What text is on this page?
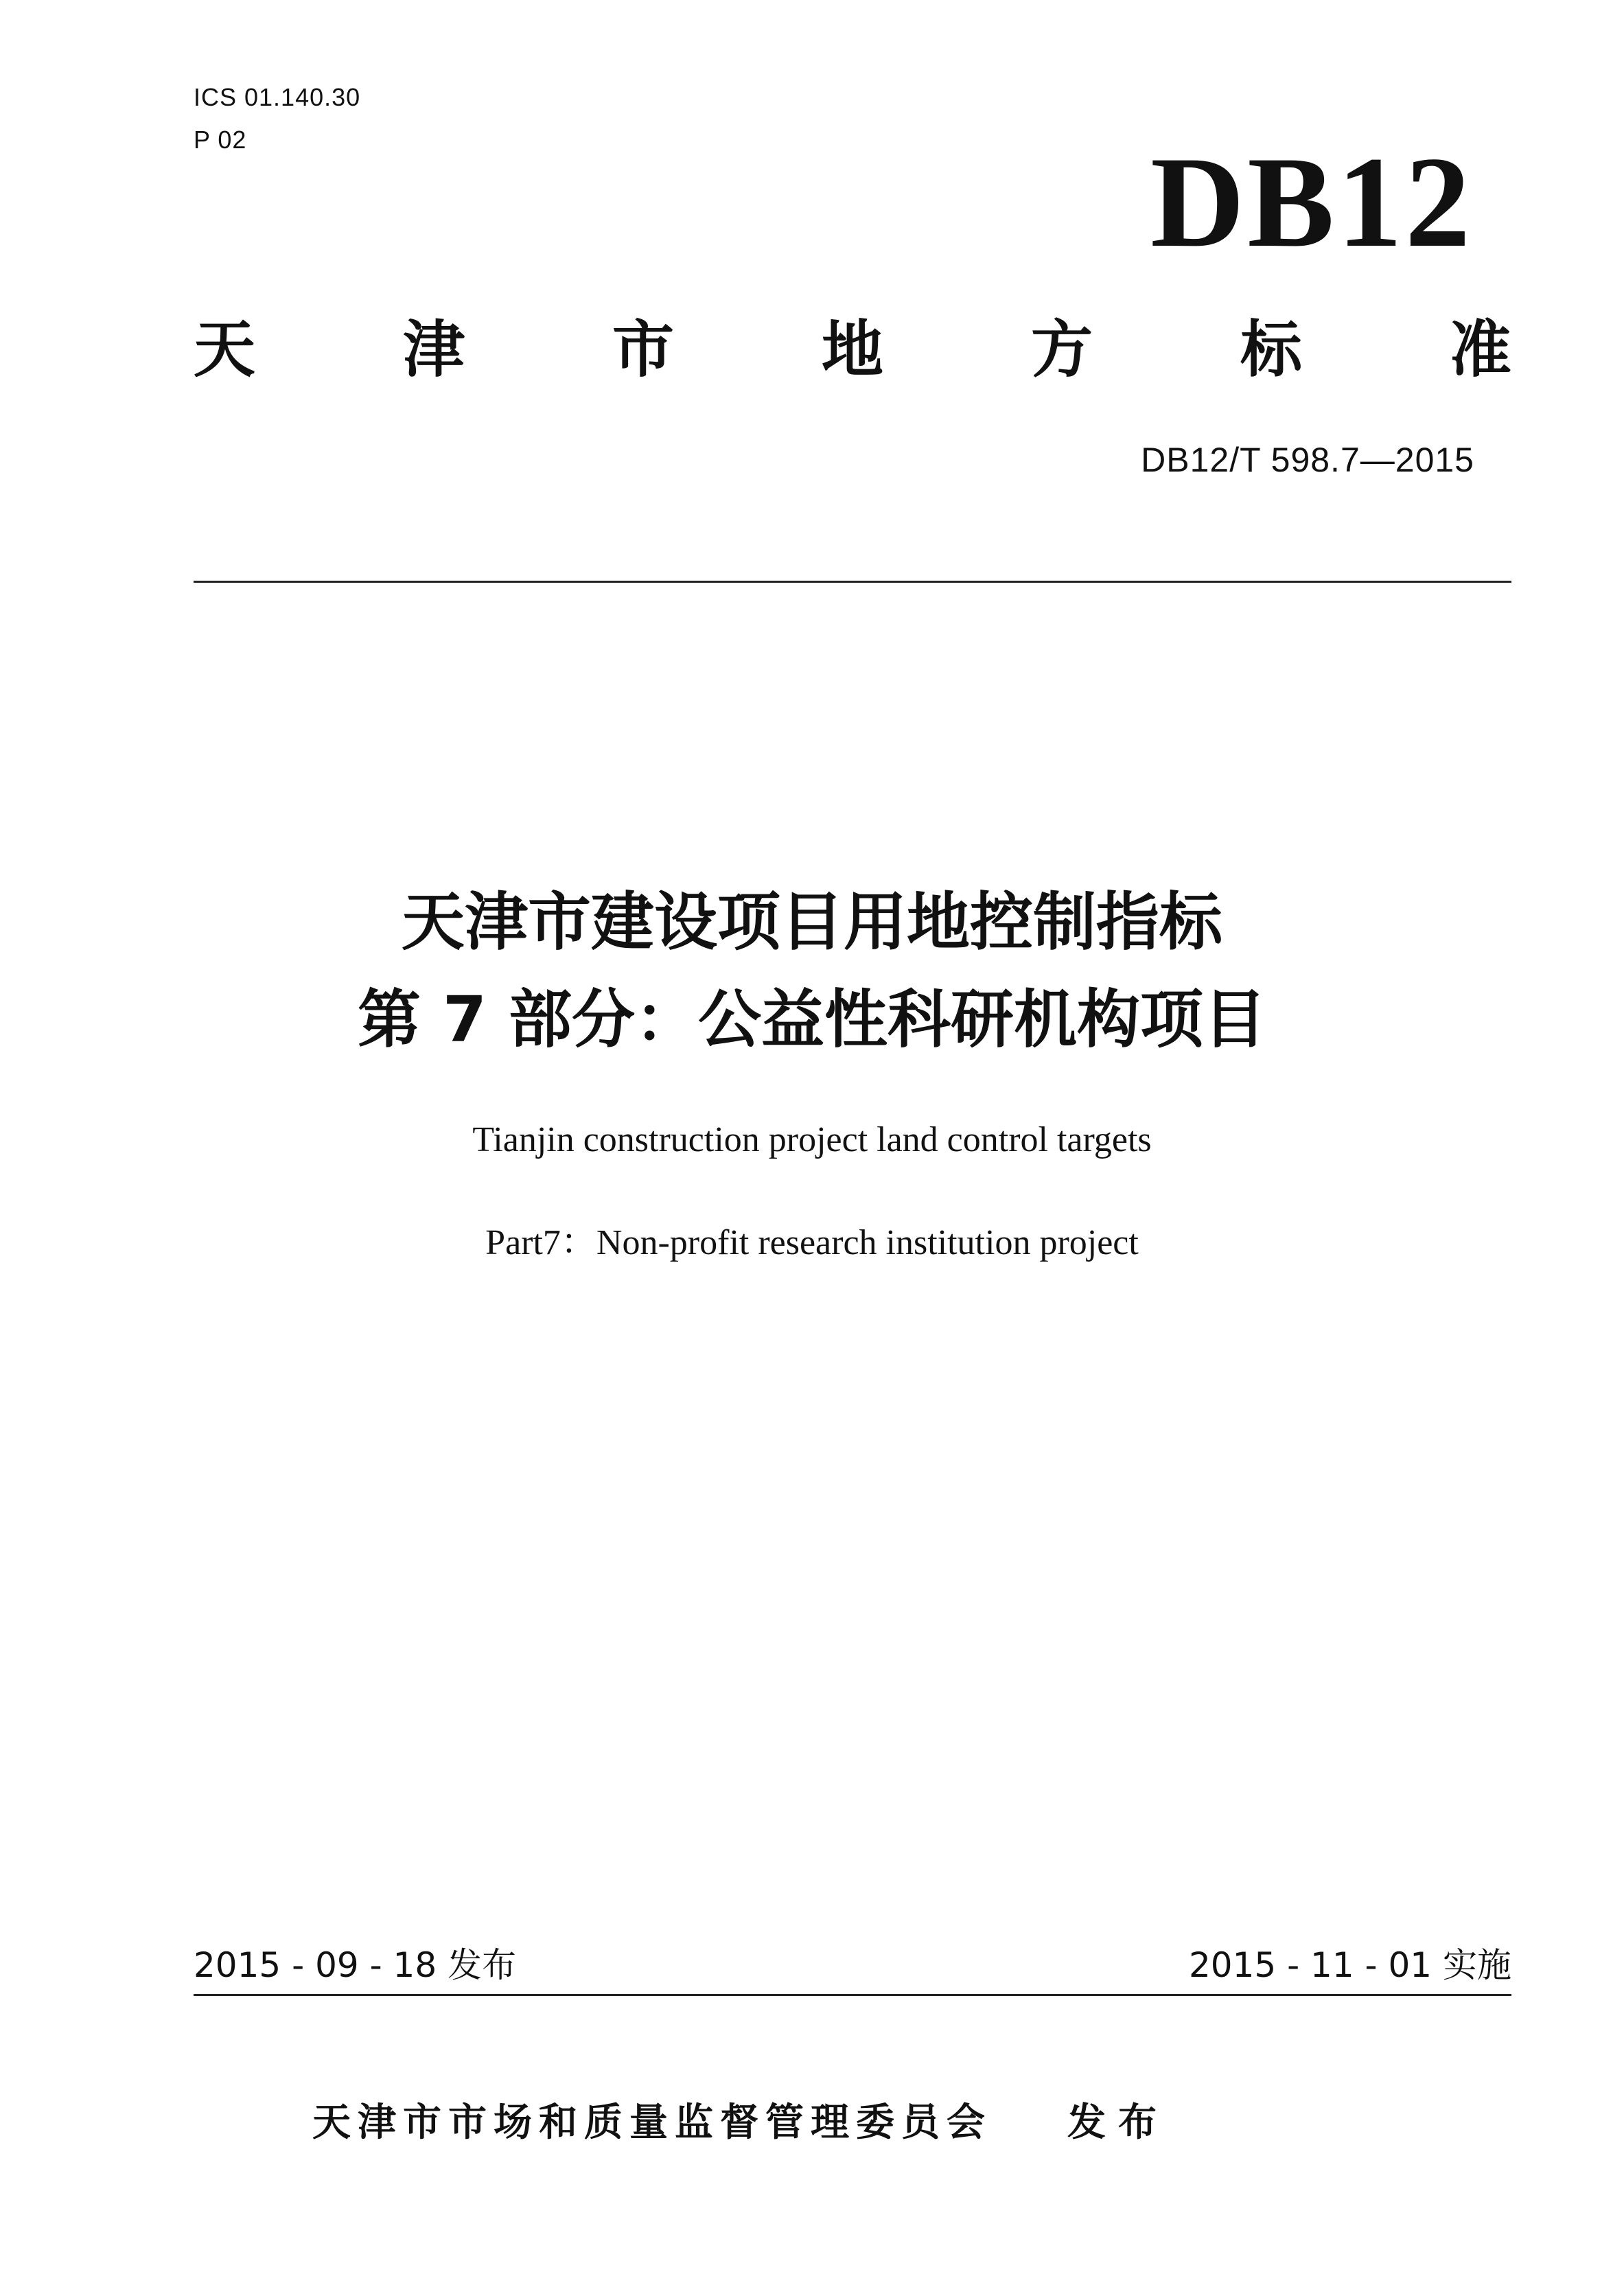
ICS 01.140.30
P 02	DB12
天 津 市 地 方 标 准
DB12/T 598.7—2015
天津市建设项目用地控制指标
第 7 部分：公益性科研机构项目
Tianjin construction project land control targets
Part7：Non-profit research institution project
2015 - 09 - 18 发布	2015 - 11 - 01 实施
天津市市场和质量监督管理委员会 发布
